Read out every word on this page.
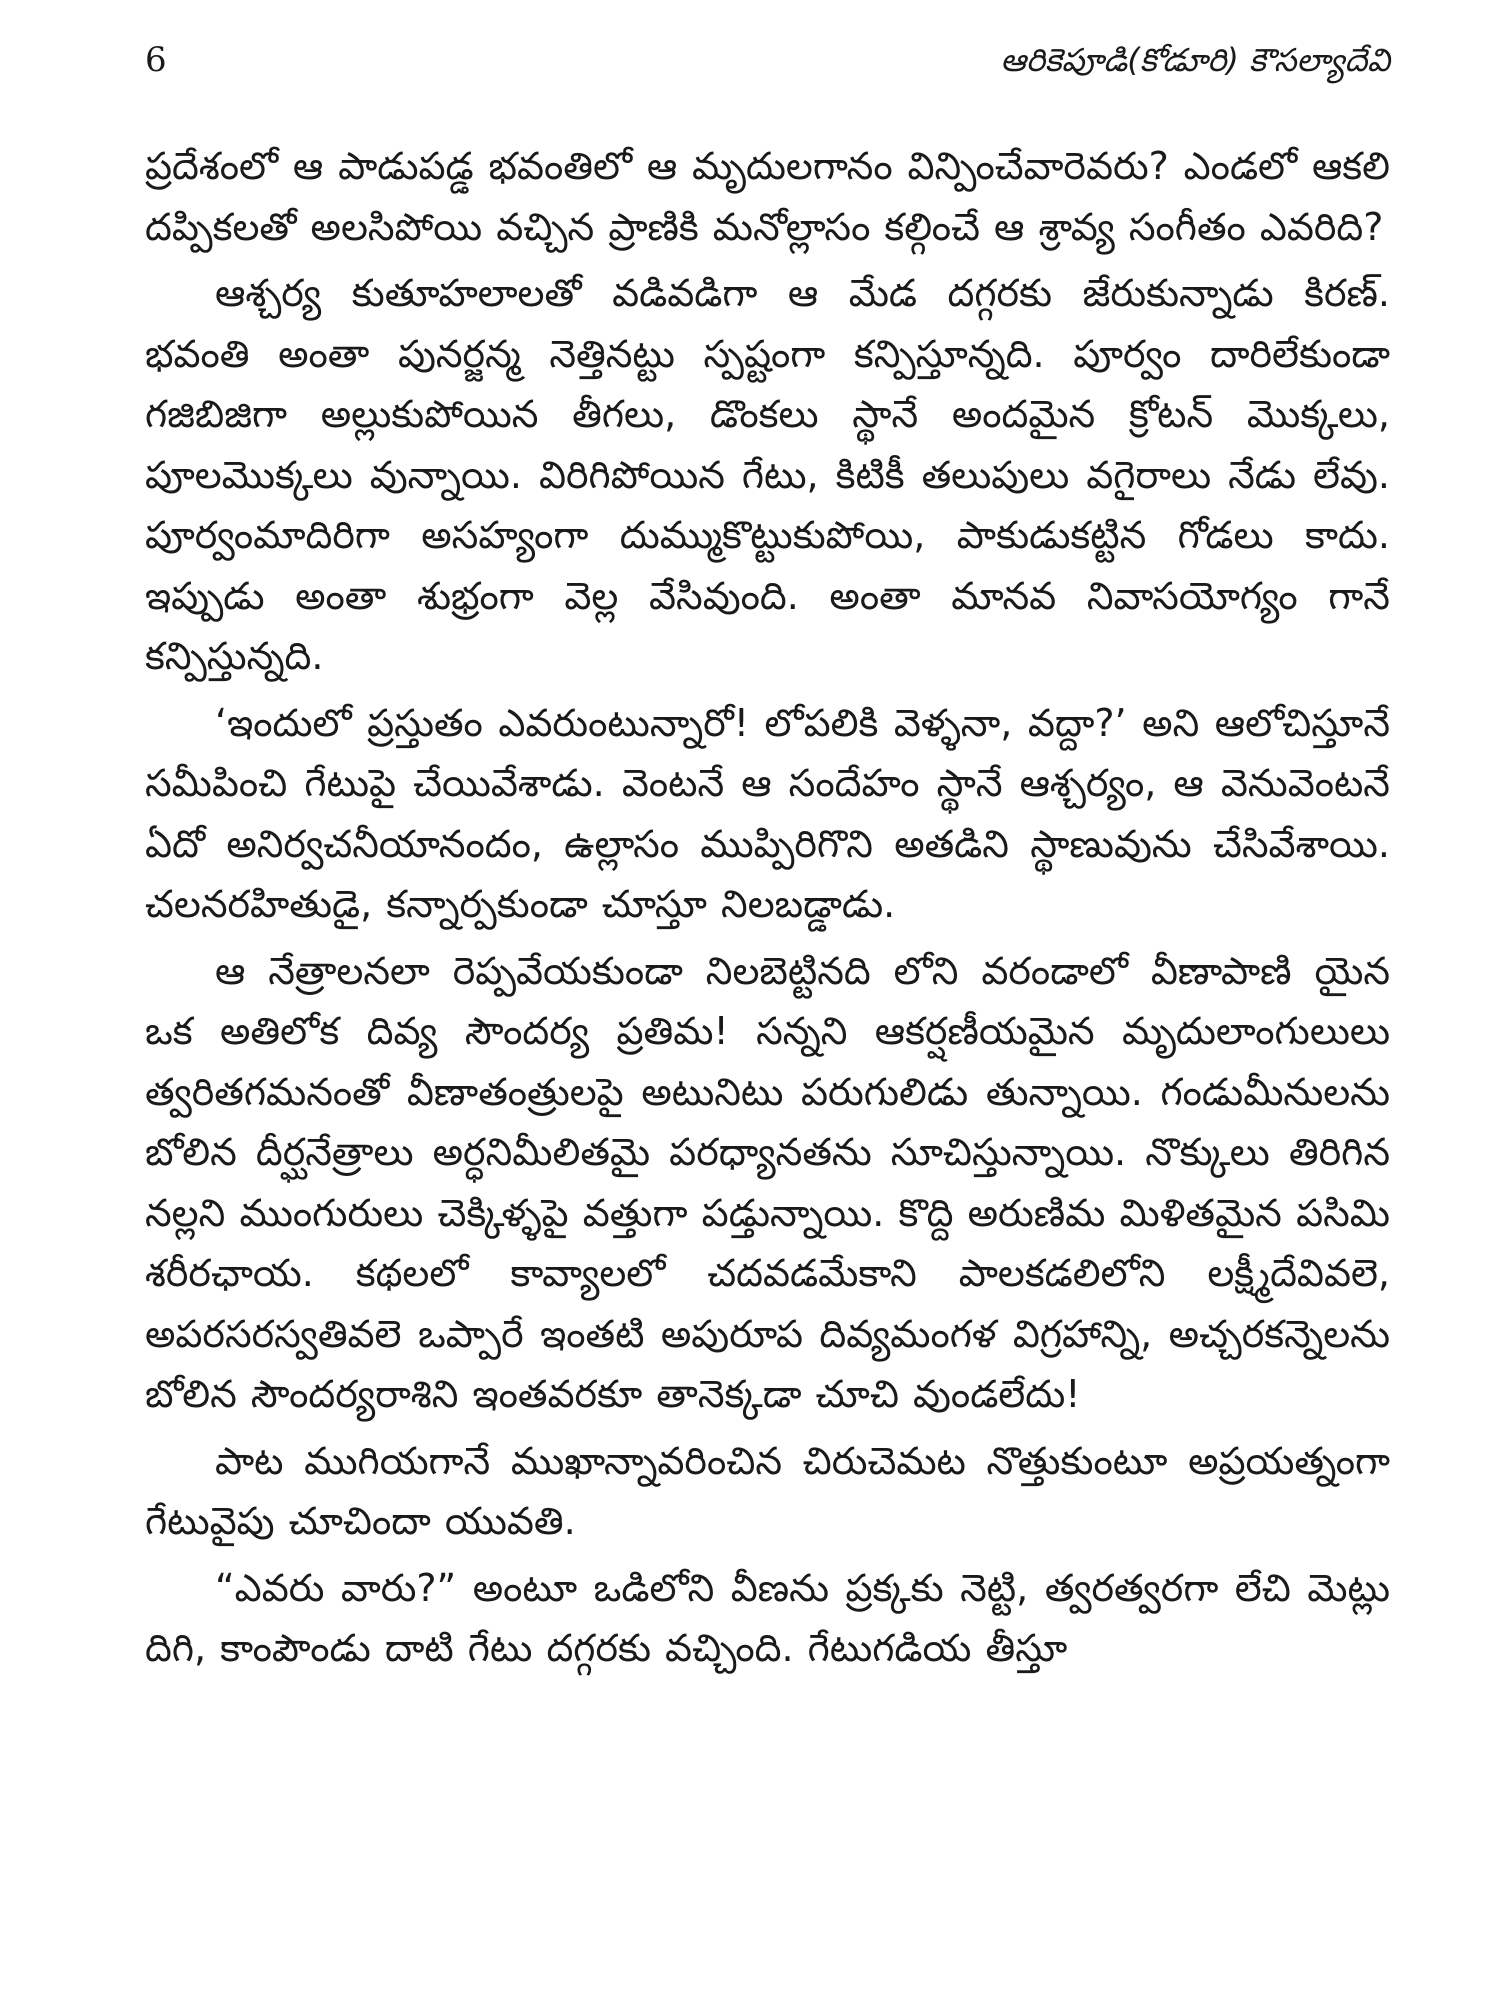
6	ఆరికెపూడి(కోడూరి) కౌసల్యాదేవి

ప్రదేశంలో ఆ పాడుపడ్డ భవంతిలో ఆ మృదులగానం విన్పించేవారెవరు? ఎండలో ఆకలి దప్పికలతో అలసిపోయి వచ్చిన ప్రాణికి మనోల్లాసం కల్గించే ఆ శ్రావ్య సంగీతం ఎవరిది?

ఆశ్చర్య కుతూహలాలతో వడివడిగా ఆ మేడ దగ్గరకు జేరుకున్నాడు కిరణ్. భవంతి అంతా పునర్జన్మ నెత్తినట్టు స్పష్టంగా కన్పిస్తూన్నది. పూర్వం దారిలేకుండా గజిబిజిగా అల్లుకుపోయిన తీగలు, డొంకలు స్థానే అందమైన క్రోటన్ మొక్కలు, పూలమొక్కలు వున్నాయి. విరిగిపోయిన గేటు, కిటికీ తలుపులు వగైరాలు నేడు లేవు. పూర్వంమాదిరిగా అసహ్యంగా దుమ్ముకొట్టుకుపోయి, పాకుడుకట్టిన గోడలు కాదు. ఇప్పుడు అంతా శుభ్రంగా వెల్ల వేసివుంది. అంతా మానవ నివాసయోగ్యం గానే కన్పిస్తున్నది.

‘ఇందులో ప్రస్తుతం ఎవరుంటున్నారో! లోపలికి వెళ్ళనా, వద్దా?’ అని ఆలోచిస్తూనే సమీపించి గేటుపై చేయివేశాడు. వెంటనే ఆ సందేహం స్థానే ఆశ్చర్యం, ఆ వెనువెంటనే ఏదో అనిర్వచనీయానందం, ఉల్లాసం ముప్పిరిగొని అతడిని స్థాణువును చేసివేశాయి. చలనరహితుడై, కన్నార్పకుండా చూస్తూ నిలబడ్డాడు.

ఆ నేత్రాలనలా రెప్పవేయకుండా నిలబెట్టినది లోని వరండాలో వీణాపాణి యైన ఒక అతిలోక దివ్య సౌందర్య ప్రతిమ! సన్నని ఆకర్షణీయమైన మృదులాంగులులు త్వరితగమనంతో వీణాతంత్రులపై అటునిటు పరుగులిడు తున్నాయి. గండుమీనులను బోలిన దీర్ఘనేత్రాలు అర్ధనిమీలితమై పరధ్యానతను సూచిస్తున్నాయి. నొక్కులు తిరిగిన నల్లని ముంగురులు చెక్కిళ్ళపై వత్తుగా పడ్తున్నాయి. కొద్ది అరుణిమ మిళితమైన పసిమి శరీరఛాయ. కథలలో కావ్యాలలో చదవడమేకాని పాలకడలిలోని లక్ష్మీదేవివలె, అపరసరస్వతివలె ఒప్పారే ఇంతటి అపురూప దివ్యమంగళ విగ్రహాన్ని, అచ్చరకన్నెలను బోలిన సౌందర్యరాశిని ఇంతవరకూ తానెక్కడా చూచి వుండలేదు!

పాట ముగియగానే ముఖాన్నావరించిన చిరుచెమట నొత్తుకుంటూ అప్రయత్నంగా గేటువైపు చూచిందా యువతి.

“ఎవరు వారు?” అంటూ ఒడిలోని వీణను ప్రక్కకు నెట్టి, త్వరత్వరగా లేచి మెట్లు దిగి, కాంపౌండు దాటి గేటు దగ్గరకు వచ్చింది. గేటుగడియ తీస్తూ
